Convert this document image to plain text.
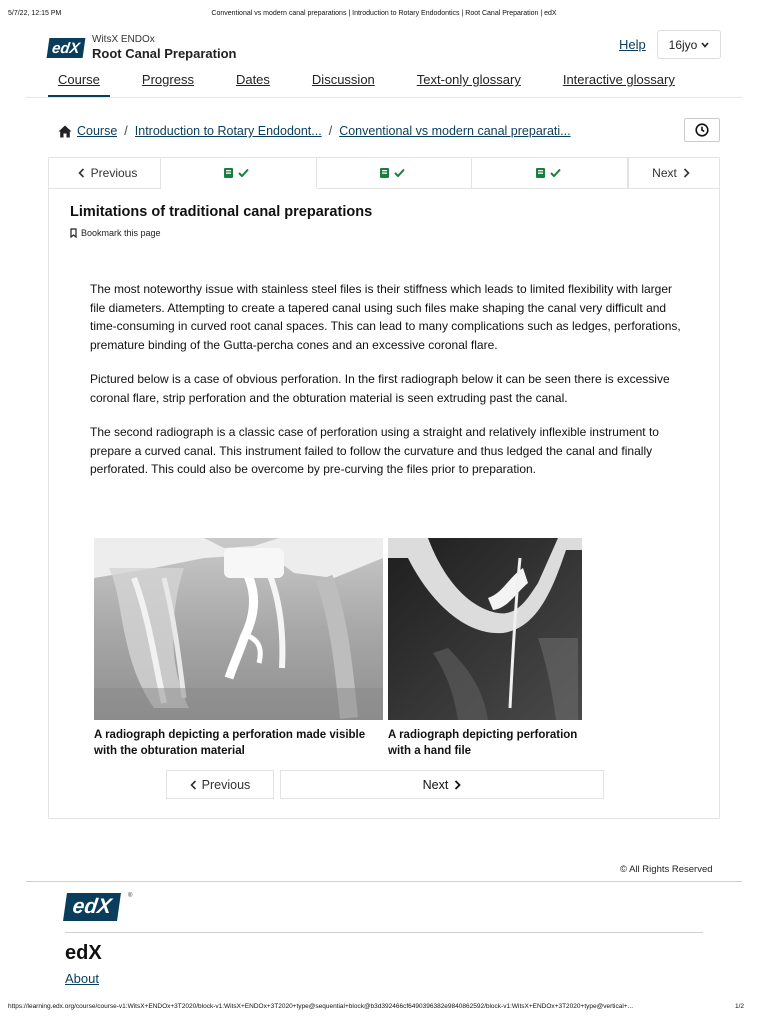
5/7/22, 12:15 PM	Conventional vs modern canal preparations | Introduction to Rotary Endodontics | Root Canal Preparation | edX
edX	WitsX ENDOx
Root Canal Preparation
Help 16jyo
Course	Progress	Dates	Discussion	Text-only glossary	Interactive glossary
Course / Introduction to Rotary Endodont... / Conventional vs modern canal preparati...
Previous	Next
Limitations of traditional canal preparations
Bookmark this page

The most noteworthy issue with stainless steel files is their stiffness which leads to limited flexibility with larger file diameters. Attempting to create a tapered canal using such files make shaping the canal very difficult and time-consuming in curved root canal spaces. This can lead to many complications such as ledges, perforations, premature binding of the Gutta-percha cones and an excessive coronal flare.

Pictured below is a case of obvious perforation. In the first radiograph below it can be seen there is excessive coronal flare, strip perforation and the obturation material is seen extruding past the canal.

The second radiograph is a classic case of perforation using a straight and relatively inflexible instrument to prepare a curved canal. This instrument failed to follow the curvature and thus ledged the canal and finally perforated. This could also be overcome by pre-curving the files prior to preparation.

A radiograph depicting a perforation made visible with the obturation material
A radiograph depicting perforation with a hand file
Previous	Next
© All Rights Reserved
edX	®
edX
About
https://learning.edx.org/course/course-v1:WitsX+ENDOx+3T2020/block-v1:WitsX+ENDOx+3T2020+type@sequential+block@b3d392466cf6490396382e9840862592/block-v1:WitsX+ENDOx+3T2020+type@vertical+...	1/2
